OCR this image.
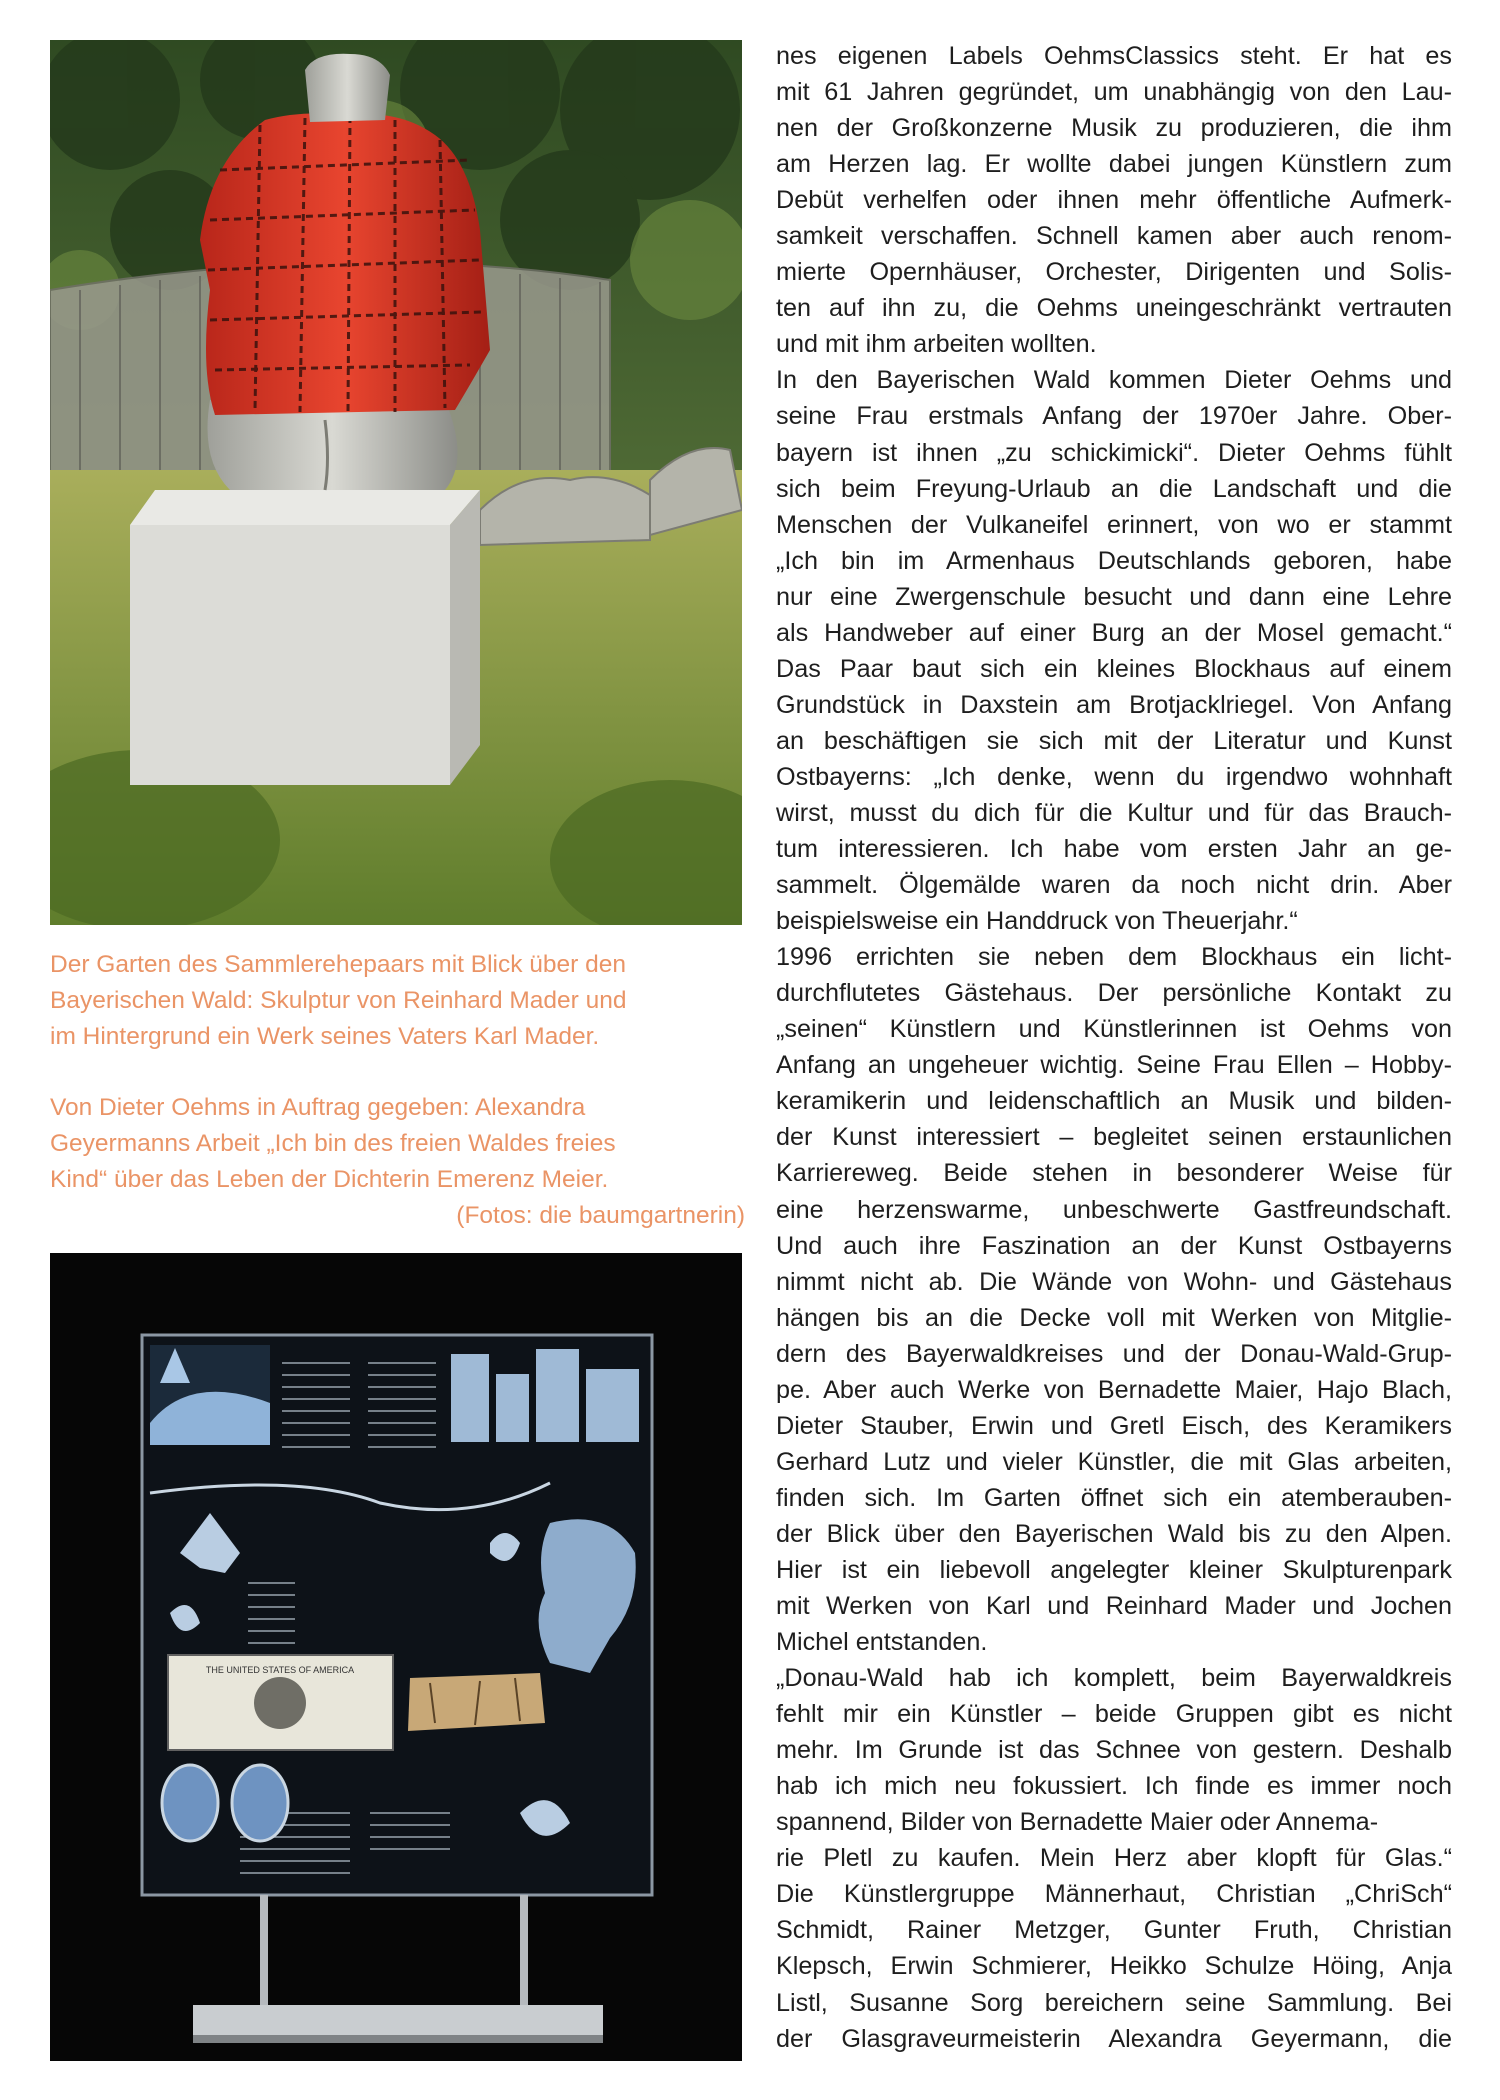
Der Garten des Sammlerehepaars mit Blick über den
Bayerischen Wald: Skulptur von Reinhard Mader und
im Hintergrund ein Werk seines Vaters Karl Mader.
Von Dieter Oehms in Auftrag gegeben: Alexandra
Geyermanns Arbeit „Ich bin des freien Waldes freies
Kind“ über das Leben der Dichterin Emerenz Meier.
(Fotos: die baumgartnerin)
THE UNITED STATES OF AMERICA
nes eigenen Labels OehmsClassics steht. Er hat es
mit 61 Jahren gegründet, um unabhängig von den Lau-
nen der Großkonzerne Musik zu produzieren, die ihm
am Herzen lag. Er wollte dabei jungen Künstlern zum
Debüt verhelfen oder ihnen mehr öffentliche Aufmerk-
samkeit verschaffen. Schnell kamen aber auch renom-
mierte Opernhäuser, Orchester, Dirigenten und Solis-
ten auf ihn zu, die Oehms uneingeschränkt vertrauten
und mit ihm arbeiten wollten.
In den Bayerischen Wald kommen Dieter Oehms und
seine Frau erstmals Anfang der 1970er Jahre. Ober-
bayern ist ihnen „zu schickimicki“. Dieter Oehms fühlt
sich beim Freyung-Urlaub an die Landschaft und die
Menschen der Vulkaneifel erinnert, von wo er stammt
„Ich bin im Armenhaus Deutschlands geboren, habe
nur eine Zwergenschule besucht und dann eine Lehre
als Handweber auf einer Burg an der Mosel gemacht.“
Das Paar baut sich ein kleines Blockhaus auf einem
Grundstück in Daxstein am Brotjacklriegel. Von Anfang
an beschäftigen sie sich mit der Literatur und Kunst
Ostbayerns: „Ich denke, wenn du irgendwo wohnhaft
wirst, musst du dich für die Kultur und für das Brauch-
tum interessieren. Ich habe vom ersten Jahr an ge-
sammelt. Ölgemälde waren da noch nicht drin. Aber
beispielsweise ein Handdruck von Theuerjahr.“
1996 errichten sie neben dem Blockhaus ein licht-
durchflutetes Gästehaus. Der persönliche Kontakt zu
„seinen“ Künstlern und Künstlerinnen ist Oehms von
Anfang an ungeheuer wichtig. Seine Frau Ellen – Hobby-
keramikerin und leidenschaftlich an Musik und bilden-
der Kunst interessiert – begleitet seinen erstaunlichen
Karriereweg. Beide stehen in besonderer Weise für
eine herzenswarme, unbeschwerte Gastfreundschaft.
Und auch ihre Faszination an der Kunst Ostbayerns
nimmt nicht ab. Die Wände von Wohn- und Gästehaus
hängen bis an die Decke voll mit Werken von Mitglie-
dern des Bayerwaldkreises und der Donau-Wald-Grup-
pe. Aber auch Werke von Bernadette Maier, Hajo Blach,
Dieter Stauber, Erwin und Gretl Eisch, des Keramikers
Gerhard Lutz und vieler Künstler, die mit Glas arbeiten,
finden sich. Im Garten öffnet sich ein atemberauben-
der Blick über den Bayerischen Wald bis zu den Alpen.
Hier ist ein liebevoll angelegter kleiner Skulpturenpark
mit Werken von Karl und Reinhard Mader und Jochen
Michel entstanden.
„Donau-Wald hab ich komplett, beim Bayerwaldkreis
fehlt mir ein Künstler – beide Gruppen gibt es nicht
mehr. Im Grunde ist das Schnee von gestern. Deshalb
hab ich mich neu fokussiert. Ich finde es immer noch
spannend, Bilder von Bernadette Maier oder Annema-
rie Pletl zu kaufen. Mein Herz aber klopft für Glas.“
Die Künstlergruppe Männerhaut, Christian „ChriSch“
Schmidt, Rainer Metzger, Gunter Fruth, Christian
Klepsch, Erwin Schmierer, Heikko Schulze Höing, Anja
Listl, Susanne Sorg bereichern seine Sammlung. Bei
der Glasgraveurmeisterin Alexandra Geyermann, die
